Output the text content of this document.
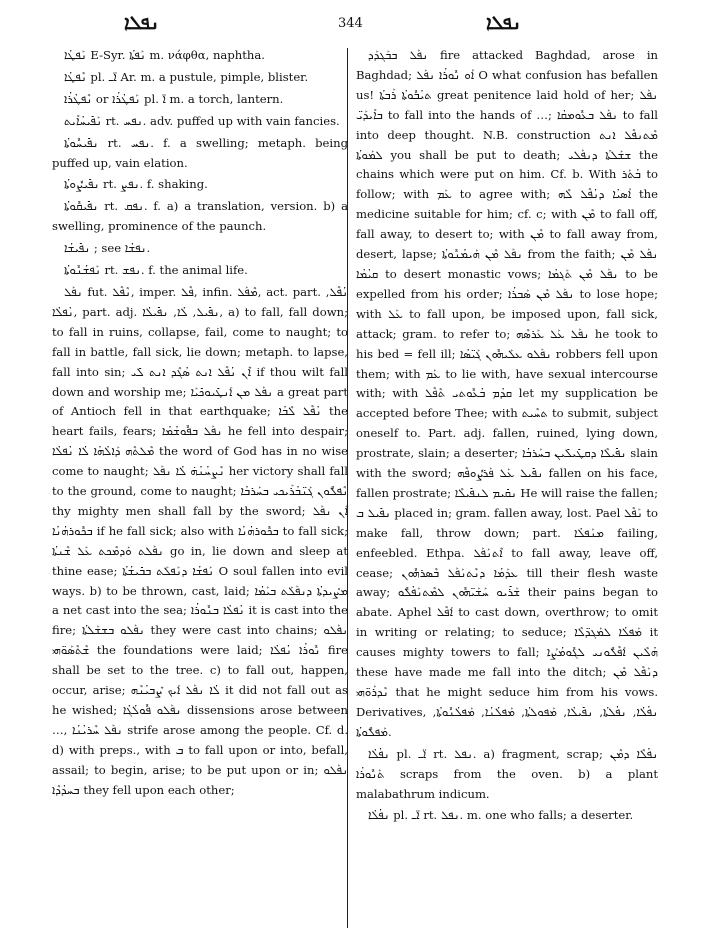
ܢܦܠܐ	344	ܢܦܠܐ

ܢܰܦܛܳܐ E-Syr. ܢܰܦܬܳܐ m. νάφθα, naphtha.

ܢܶܦܛܳܐ pl. ܐ̈ـ Ar. m. a pustule, pimple, blister.

ܢܶܦܛܳܪܳܐ or ܢܰܦܛܳܪܳܐ pl. ܐ̈ m. a torch, lantern.

ܢܰܦܺܝܚܳܐܺܝܬ rt. ܢܦܚ. adv. puffed up with vain fancies.

ܢܦܺܝܚܽܘܬܳܐ rt. ܢܦܚ. f. a swelling; metaph. being puffed up, vain elation.

ܢܦܺܝܨܽܘܬܳܐ rt. ܢܦܨ. f. shaking.

ܢܦܺܝܩܽܘܬܳܐ rt. ܢܦܩ. f. a) a translation, version. b) a swelling, prominence of the paunch.

ܢܦܺܝܫܳܐ ; see ܢܦܫܳܐ.

ܢܰܦܫܳܢܽܘܬܳܐ rt. ܢܦܫ. f. the animal life.

ܢܦܰܠ fut. ܢܶܦܶܠ, imper. ܦܶܠ, infin. ܡܶܦܰܠ, act. part. ܢܳܦܶܠ, ܢܳܦܠܳܐ, part. adj. ܢܦܺܝܠ, ܠܳܐ, ܢܦܺܝܠܳܐ, a) to fall, fall down; to fall in ruins, collapse, fail, come to naught; to fall in battle, fall sick, lie down; metaph. to lapse, fall into sin; ܐܶܢ ܢܳܦܶܠ ܐܢܬ ܣܳܓܶܕ ܐܢܬ ܠܺܝ if thou wilt fall down and worship me; ܢܦܰܠ ܡܢ ܐܰܢܛܺܝܘܟܺܝܰܐ a great part of Antioch fell in that earthquake; ܢܳܦܶܠ ܠܶܒܳܐ the heart fails, fears; ܢܦܰܠ ܒܦܽܘܫܳܡܳܐ he fell into despair; ܡܶܠܬܶܗ ܕܰܐܠܳܗܳܐ ܠܳܐ ܢܳܦܠܳܐ the word of God has in no wise come to naught; ܢܶܨܚܳܢܳܗ̇ ܠܳܐ ܢܦܰܠ her victory shall fall to the ground, come to naught; ܢܶܦܠܽܘܢ ܓܰܢ̈ܒܳܪܰܝܟܝ ܒܚܰܪܒܳܐ thy mighty men shall fall by the sword; ܐܶܢ ܢܦܰܠ ܒܟܽܘܪܗܳܢܳܐ if he fall sick; also with ܒܟܽܘܪܗܳܢܳܐ to fall sick; ܢܦܰܠܬ ܘܰܕܡܶܟܬ ܥܰܠ ܫܶܢܬܳܐ go in, lie down and sleep at thine ease; ܢܰܦܫܳܐ ܕܢܰܦܠܰܬ ܒܒܺܝܫܳܬܳܐ O soul fallen into evil ways. b) to be thrown, cast, laid; ܡܨܺܝܕܬܳܐ ܕܢܦܰܠܰܬ ܒܝܰܡܳܐ a net cast into the sea; ܢܳܦܠܳܐ ܒܢܽܘܪܳܐ it is cast into the fire; ܢܦܰܠܘ ܒܫܫܰܠܬܳܐ they were cast into chains; ܢܦܰܠܘ ܫܶܬܶܣܰܘ̈ܗܝ the foundations were laid; ܢܽܘܪܳܐ ܢܳܦܠܳܐ fire shall be set to the tree. c) to fall out, happen, occur, arise; ܠܳܐ ܢܦܰܠ ܐܰܝܟ ܨܶܒܝܳܢܶܗ it did not fall out as he wished; ܢܦܰܠܘ ܦܽܘܠܳܓܳܐ dissensions arose between …, ܢܦܰܠ ܚܶܪܝܳܢܳܐ strife arose among the people. Cf. d. d) with preps., with ܒ to fall upon or into, befall, assail; to begin, arise; to be put upon or in; ܢܦܰܠܘ ܒܚܕܳܕܶܐ they fell upon each other;

ܢܦܰܠ ܒܒܰܓܕܰܕ fire attacked Baghdad, arose in Baghdad; ܐܳܘ ܢܽܘܪܳܐ ܢܦܰܠ O what confusion has befallen us! ܬܝܳܒܽܘܬܳܐ ܪܰܒܬܳܐ great penitence laid hold of her; ܢܦܰܠ ܒܐܺܝܕܰܝ̈ to fall into the hands of …; ܢܦܰܠ ܒܥܽܘܡܩܳܐ to fall into deep thought. N.B. construction ܡܶܬܢܦܶܠ ܐܢܬ ܠܡܰܘܬܳܐ you shall be put to death; ܫܫܰܠܬܳܐ ܕܢܦܰܠܝ the chains which were put on him. Cf. b. With ܒܳܬܰܪ to follow; with ܥܰܡ to agree with; ܐܳܣܝܳܐ ܕܢܳܦܶܠ ܠܶܗ the medicine suitable for him; cf. c; with ܡܶܢ to fall off, fall away, to desert to; with ܡܶܢ to fall away from, desert, lapse; ܢܦܰܠ ܡܶܢ ܗܰܝܡܳܢܽܘܬܳܐ from the faith; ܢܦܰܠ ܡܶܢ ܩܝܳܡܳܐ to desert monastic vows; ܢܦܰܠ ܡܶܢ ܬܰܓܡܳܐ to be expelled from his order; ܢܦܰܠ ܡܶܢ ܣܰܒܪܳܐ to lose hope; with ܥܰܠ to fall upon, be imposed upon, fall sick, attack; gram. to refer to; ܢܦܰܠ ܥܰܠ ܥܰܪܣܶܗ he took to his bed = fell ill; ܢܦܰܠܘ ܥܠܰܝܗܽܘܢ ܓܰܝ̈ܣܳܐ robbers fell upon them; with ܥܰܡ to lie with, have sexual intercourse with; with ܩܕܳܡ ܒܳܥܽܘܬܝ ܬܶܦܶܠ let my supplication be accepted before Thee; with ܬܚܶܝܬ to submit, subject oneself to. Part. adj. fallen, ruined, lying down, prostrate, slain; a deserter; ܢܦܺܝܠܶܐ ܕܩܛܺܝܠܺܝܢ ܒܚܰܪܒܳܐ slain with the sword; ܢܦܺܝܠ ܥܰܠ ܦܰܪܨܽܘܦܶܗ fallen on his face, fallen prostrate; ܢܩܺܝܡ ܠܢܦܺܝܠܶܐ He will raise the fallen; ܢܦܺܝܠ ܒ placed in; gram. fallen away, lost. Pael ܢܰܦܶܠ to make fall, throw down; part. ܡܢܰܦܠܳܐ failing, enfeebled. Ethpa. ܐܶܬܢܰܦܰܠ to fall away, leave off, cease; ܥܕܰܡܳܐ ܕܢܶܬܢܰܦܰܠ ܒܶܣܪܗܽܘܢ till their flesh waste away; ܫܰܪܺܝܘ ܚܰܫܰܝ̈ܗܽܘܢ ܠܡܶܬܢܰܦܳܠܽܘ their pains began to abate. Aphel ܐܰܦܶܠ to cast down, overthrow; to omit in writing or relating; to seduce; ܡܰܦܠܳܐ ܠܡܰܓܕ̈ܠܶܐ it causes mighty towers to fall; ܗܳܠܶܝܢ ܐܰܦܶܠܽܘܢܝ ܠܓܽܘܡܳܨܳܐ these have made me fall into the ditch; ܕܢܰܦܶܠ ܡܶܢ ܢܶܕܪܰܘ̈ܗܝ that he might seduce him from his vows. Derivatives, ܢܦܳܠܳܐ, ܢܦܳܠܬܳܐ, ܢܦܺܝܠܳܐ, ܡܰܦܘܠܬܳܐ, ܡܰܦܠܳܢܳܐ, ܡܰܦܠܳܢܽܘܬܳܐ, ܡܰܦܠܽܘܬܳܐ.

ܢܦܳܠܳܐ pl. ܐ̈ـ rt. ܢܦܠ. a) fragment, scrap; ܢܦܳܠܶܐ ܕܡܶܢ ܬܰܢܽܘܪܳܐ scraps from the oven. b) a plant malabathrum indicum.

ܢܦܳܠܳܐ pl. ܐ̈ـ rt. ܢܦܠ. m. one who falls; a deserter.
